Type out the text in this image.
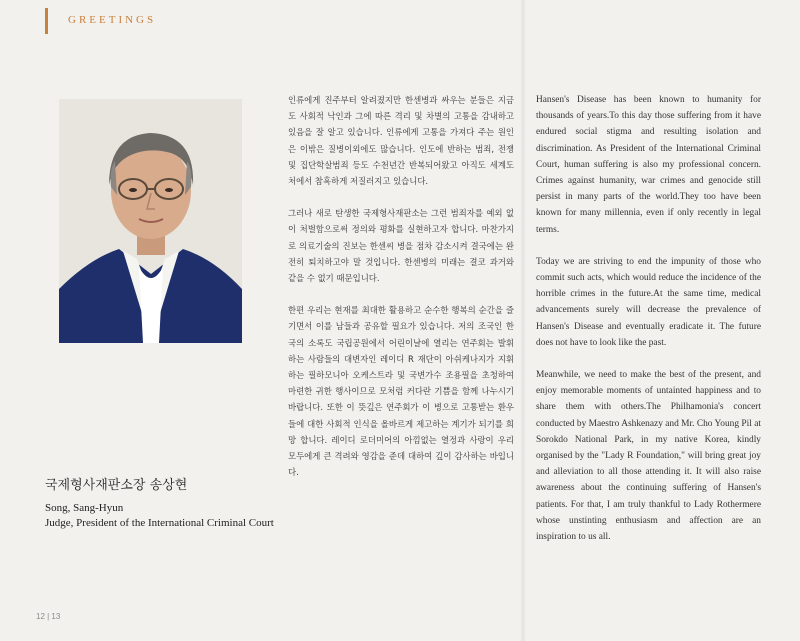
GREETINGS

국제형사재판소장 송상현

Song, Sang-Hyun
Judge, President of the International Criminal Court

인류에게 진주부터 알려졌지만 한센병과 싸우는 분들은 지금도 사회적 낙인과 그에 따른 격리 및 차별의 고통을 감내하고 있음을 잘 알고 있습니다. 인류에게 고통을 가져다 주는 원인은 이밖은 질병이외에도 많습니다. 인도에 반하는 범죄, 전쟁 및 집단학살범죄 등도 수천년간 반복되어왔고 아직도 세계도처에서 참혹하게 저질러지고 있습니다.

그러나 새로 탄생한 국제형사재판소는 그런 범죄자를 예외 없이 처벌함으로써 정의와 평화를 실현하고자 합니다. 마찬가지로 의료기술의 진보는 한센씨 병을 점차 감소시켜 결국에는 완전히 퇴치하고야 말 것입니다. 한센병의 미래는 결코 과거와 같을 수 없기 때문입니다.

한편 우리는 현재를 최대한 활용하고 순수한 행복의 순간을 즐기면서 이를 남들과 공유할 필요가 있습니다. 저의 조국인 한국의 소록도 국립공원에서 어린이날에 열리는 연주회는 발휘하는 사람들의 대변자인 레이디 R 재단이 아쉬케나지가 지휘하는 필하모니아 오케스트라 및 국변가수 조용필을 초청하여 마련한 귀한 행사이므로 모처럼 커다란 기쁨을 함께 나누시기 바랍니다. 또한 이 뜻깊은 연주회가 이 병으로 고통받는 환우들에 대한 사회적 인식을 올바르게 제고하는 계기가 되기를 희망 합니다. 레이디 로더미어의 아낌없는 열정과 사랑이 우리 모두에게 큰 격려와 영감을 준데 대하여 깊이 감사하는 바입니다.

Hansen's Disease has been known to humanity for thousands of years.To this day those suffering from it have endured social stigma and resulting isolation and discrimination. As President of the International Criminal Court, human suffering is also my professional concern. Crimes against humanity, war crimes and genocide still persist in many parts of the world.They too have been known for many millennia, even if only recently in legal terms.

Today we are striving to end the impunity of those who commit such acts, which would reduce the incidence of the horrible crimes in the future.At the same time, medical advancements surely will decrease the prevalence of Hansen's Disease and eventually eradicate it. The future does not have to look like the past.

Meanwhile, we need to make the best of the present, and enjoy memorable moments of untainted happiness and to share them with others.The Philhamonia's concert conducted by Maestro Ashkenazy and Mr. Cho Young Pil at Sorokdo National Park, in my native Korea, kindly organised by the "Lady R Foundation," will bring great joy and alleviation to all those attending it. It will also raise awareness about the continuing suffering of Hansen's patients. For that, I am truly thankful to Lady Rothermere whose unstinting enthusiasm and affection are an inspiration to us all.

12 | 13
